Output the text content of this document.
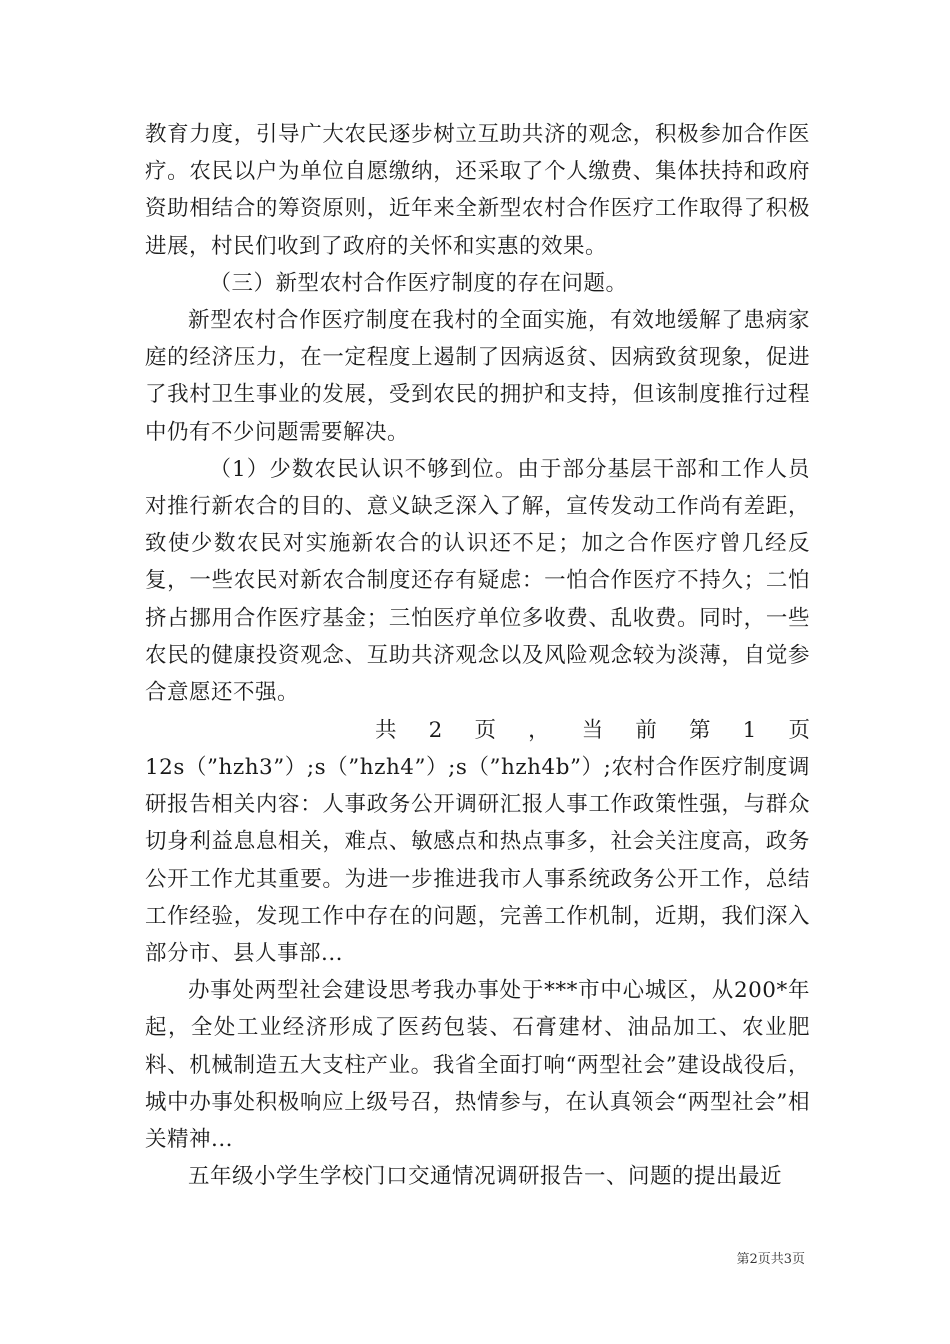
教育力度，引导广大农民逐步树立互助共济的观念，积极参加合作医疗。农民以户为单位自愿缴纳，还采取了个人缴费、集体扶持和政府资助相结合的筹资原则，近年来全新型农村合作医疗工作取得了积极进展，村民们收到了政府的关怀和实惠的效果。

（三）新型农村合作医疗制度的存在问题。

新型农村合作医疗制度在我村的全面实施，有效地缓解了患病家庭的经济压力，在一定程度上遏制了因病返贫、因病致贫现象，促进了我村卫生事业的发展，受到农民的拥护和支持，但该制度推行过程中仍有不少问题需要解决。

（1）少数农民认识不够到位。由于部分基层干部和工作人员对推行新农合的目的、意义缺乏深入了解，宣传发动工作尚有差距，致使少数农民对实施新农合的认识还不足；加之合作医疗曾几经反复，一些农民对新农合制度还存有疑虑：一怕合作医疗不持久；二怕挤占挪用合作医疗基金；三怕医疗单位多收费、乱收费。同时，一些农民的健康投资观念、互助共济观念以及风险观念较为淡薄，自觉参合意愿还不强。

共 2 页 ， 当 前 第 1 页

12s（”hzh3”）;s（”hzh4”）;s（”hzh4b”）;农村合作医疗制度调研报告相关内容：人事政务公开调研汇报人事工作政策性强，与群众切身利益息息相关，难点、敏感点和热点事多，社会关注度高，政务公开工作尤其重要。为进一步推进我市人事系统政务公开工作，总结工作经验，发现工作中存在的问题，完善工作机制，近期，我们深入部分市、县人事部...

办事处两型社会建设思考我办事处于***市中心城区，从200*年起，全处工业经济形成了医药包装、石膏建材、油品加工、农业肥料、机械制造五大支柱产业。我省全面打响“两型社会”建设战役后，城中办事处积极响应上级号召，热情参与，在认真领会“两型社会”相关精神...

五年级小学生学校门口交通情况调研报告一、问题的提出最近

第2页共3页
